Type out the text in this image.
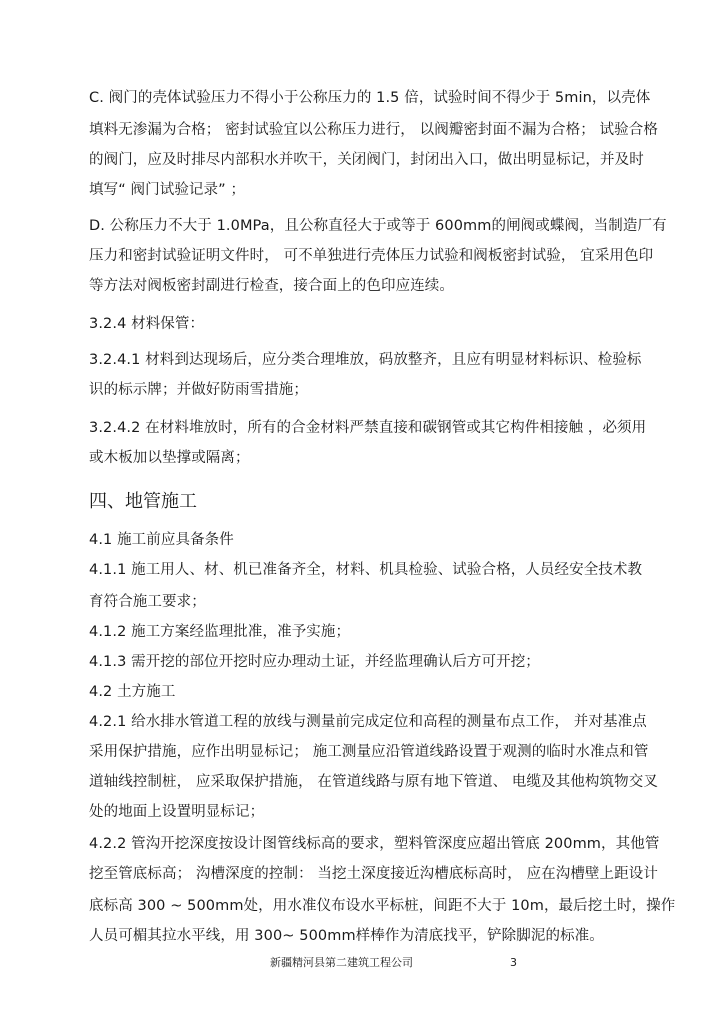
C. 阀门的壳体试验压力不得小于公称压力的 1.5 倍，试验时间不得少于 5min，以壳体
填料无渗漏为合格； 密封试验宜以公称压力进行， 以阀瓣密封面不漏为合格； 试验合格
的阀门，应及时排尽内部积水并吹干，关闭阀门，封闭出入口，做出明显标记，并及时
填写“ 阀门试验记录” ；
D. 公称压力不大于 1.0MPa，且公称直径大于或等于 600mm的闸阀或蝶阀，当制造厂有
压力和密封试验证明文件时， 可不单独进行壳体压力试验和阀板密封试验， 宜采用色印
等方法对阀板密封副进行检查，接合面上的色印应连续。
3.2.4 材料保管：
3.2.4.1 材料到达现场后，应分类合理堆放，码放整齐，且应有明显材料标识、检验标
识的标示牌；并做好防雨雪措施；
3.2.4.2 在材料堆放时，所有的合金材料严禁直接和碳钢管或其它构件相接触 ，必须用
或木板加以垫撑或隔离；
四、地管施工
4.1 施工前应具备条件
4.1.1 施工用人、材、机已准备齐全，材料、机具检验、试验合格，人员经安全技术教
育符合施工要求；
4.1.2 施工方案经监理批准，准予实施；
4.1.3 需开挖的部位开挖时应办理动土证，并经监理确认后方可开挖；
4.2 土方施工
4.2.1 给水排水管道工程的放线与测量前完成定位和高程的测量布点工作， 并对基准点
采用保护措施，应作出明显标记； 施工测量应沿管道线路设置于观测的临时水准点和管
道轴线控制桩， 应采取保护措施， 在管道线路与原有地下管道、 电缆及其他构筑物交叉
处的地面上设置明显标记；
4.2.2 管沟开挖深度按设计图管线标高的要求，塑料管深度应超出管底 200mm，其他管
挖至管底标高； 沟槽深度的控制： 当挖土深度接近沟槽底标高时， 应在沟槽壁上距设计
底标高 300 ~ 500mm处，用水准仪布设水平标桩，间距不大于 10m，最后挖土时，操作
人员可楣其拉水平线，用 300~ 500mm样棒作为清底找平，铲除脚泥的标准。
新疆精河县第二建筑工程公司	3
